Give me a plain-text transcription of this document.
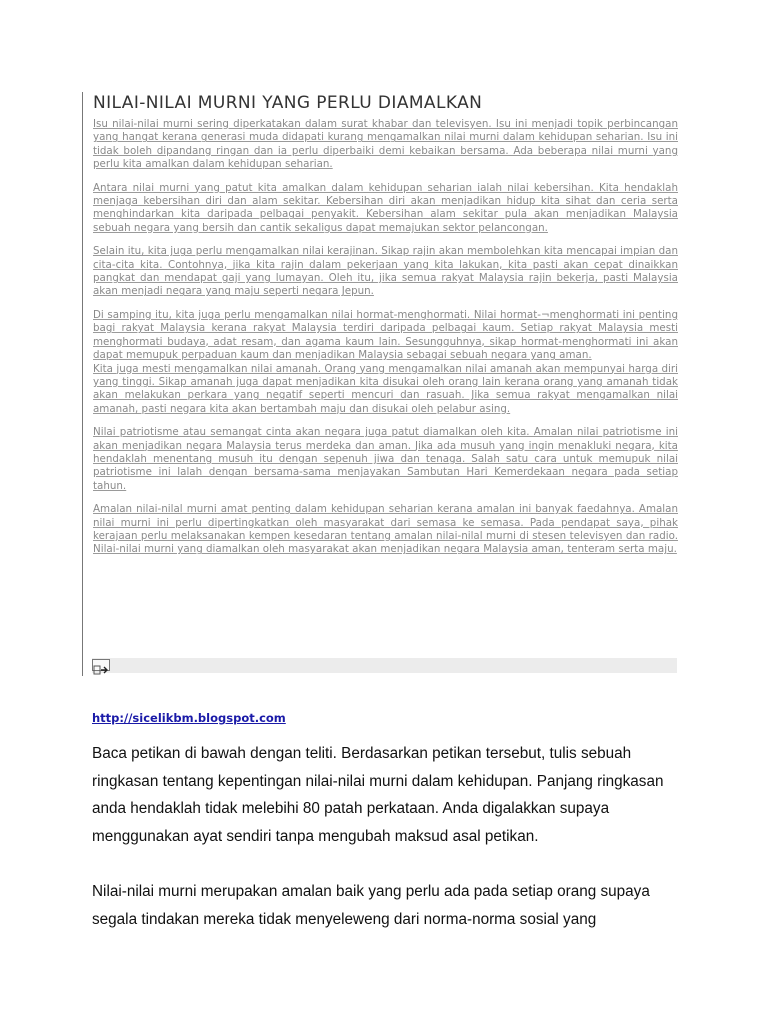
NILAI-NILAI MURNI YANG PERLU DIAMALKAN

Isu nilai-nilai murni sering diperkatakan dalam surat khabar dan televisyen. Isu ini menjadi topik perbincangan yang hangat kerana generasi muda didapati kurang mengamalkan nilai murni dalam kehidupan seharian. Isu ini tidak boleh dipandang ringan dan ia perlu diperbaiki demi kebaikan bersama. Ada beberapa nilai murni yang perlu kita amalkan dalam kehidupan seharian.

Antara nilai murni yang patut kita amalkan dalam kehidupan seharian ialah nilai kebersihan. Kita hendaklah menjaga kebersihan diri dan alam sekitar. Kebersihan diri akan menjadikan hidup kita sihat dan ceria serta menghindarkan kita daripada pelbagai penyakit. Kebersihan alam sekitar pula akan menjadikan Malaysia sebuah negara yang bersih dan cantik sekaligus dapat memajukan sektor pelancongan.

Selain itu, kita juga perlu mengamalkan nilai kerajinan. Sikap rajin akan membolehkan kita mencapai impian dan cita-cita kita. Contohnya, jika kita rajin dalam pekerjaan yang kita lakukan, kita pasti akan cepat dinaikkan pangkat dan mendapat gaji yang lumayan. Oleh itu, jika semua rakyat Malaysia rajin bekerja, pasti Malaysia akan menjadi negara yang maju seperti negara Jepun.

Di samping itu, kita juga perlu mengamalkan nilai hormat-menghormati. Nilai hormat-¬menghormati ini penting bagi rakyat Malaysia kerana rakyat Malaysia terdiri daripada pelbagai kaum. Setiap rakyat Malaysia mesti menghormati budaya, adat resam, dan agama kaum lain. Sesungguhnya, sikap hormat-menghormati ini akan dapat memupuk perpaduan kaum dan menjadikan Malaysia sebagai sebuah negara yang aman.

Kita juga mesti mengamalkan nilai amanah. Orang yang mengamalkan nilai amanah akan mempunyai harga diri yang tinggi. Sikap amanah juga dapat menjadikan kita disukai oleh orang lain kerana orang yang amanah tidak akan melakukan perkara yang negatif seperti mencuri dan rasuah. Jika semua rakyat mengamalkan nilai amanah, pasti negara kita akan bertambah maju dan disukai oleh pelabur asing.

Nilai patriotisme atau semangat cinta akan negara juga patut diamalkan oleh kita. Amalan nilai patriotisme ini akan menjadikan negara Malaysia terus merdeka dan aman. Jika ada musuh yang ingin menakluki negara, kita hendaklah menentang musuh itu dengan sepenuh jiwa dan tenaga. Salah satu cara untuk memupuk nilai patriotisme ini lalah dengan bersama-sama menjayakan Sambutan Hari Kemerdekaan negara pada setiap tahun.

Amalan nilai-nilal murni amat penting dalam kehidupan seharian kerana amalan ini banyak faedahnya. Amalan nilai murni ini perlu dipertingkatkan oleh masyarakat dari semasa ke semasa. Pada pendapat saya, pihak kerajaan perlu melaksanakan kempen kesedaran tentang amalan nilai-nilal murni di stesen televisyen dan radio. Nilai-nilai murni yang diamalkan oleh masyarakat akan menjadikan negara Malaysia aman, tenteram serta maju.

http://sicelikbm.blogspot.com

Baca petikan di bawah dengan teliti. Berdasarkan petikan tersebut, tulis sebuah ringkasan tentang kepentingan nilai-nilai murni dalam kehidupan. Panjang ringkasan anda hendaklah tidak melebihi 80 patah perkataan. Anda digalakkan supaya menggunakan ayat sendiri tanpa mengubah maksud asal petikan.

Nilai-nilai murni merupakan amalan baik yang perlu ada pada setiap orang supaya segala tindakan mereka tidak menyeleweng dari norma-norma sosial yang
